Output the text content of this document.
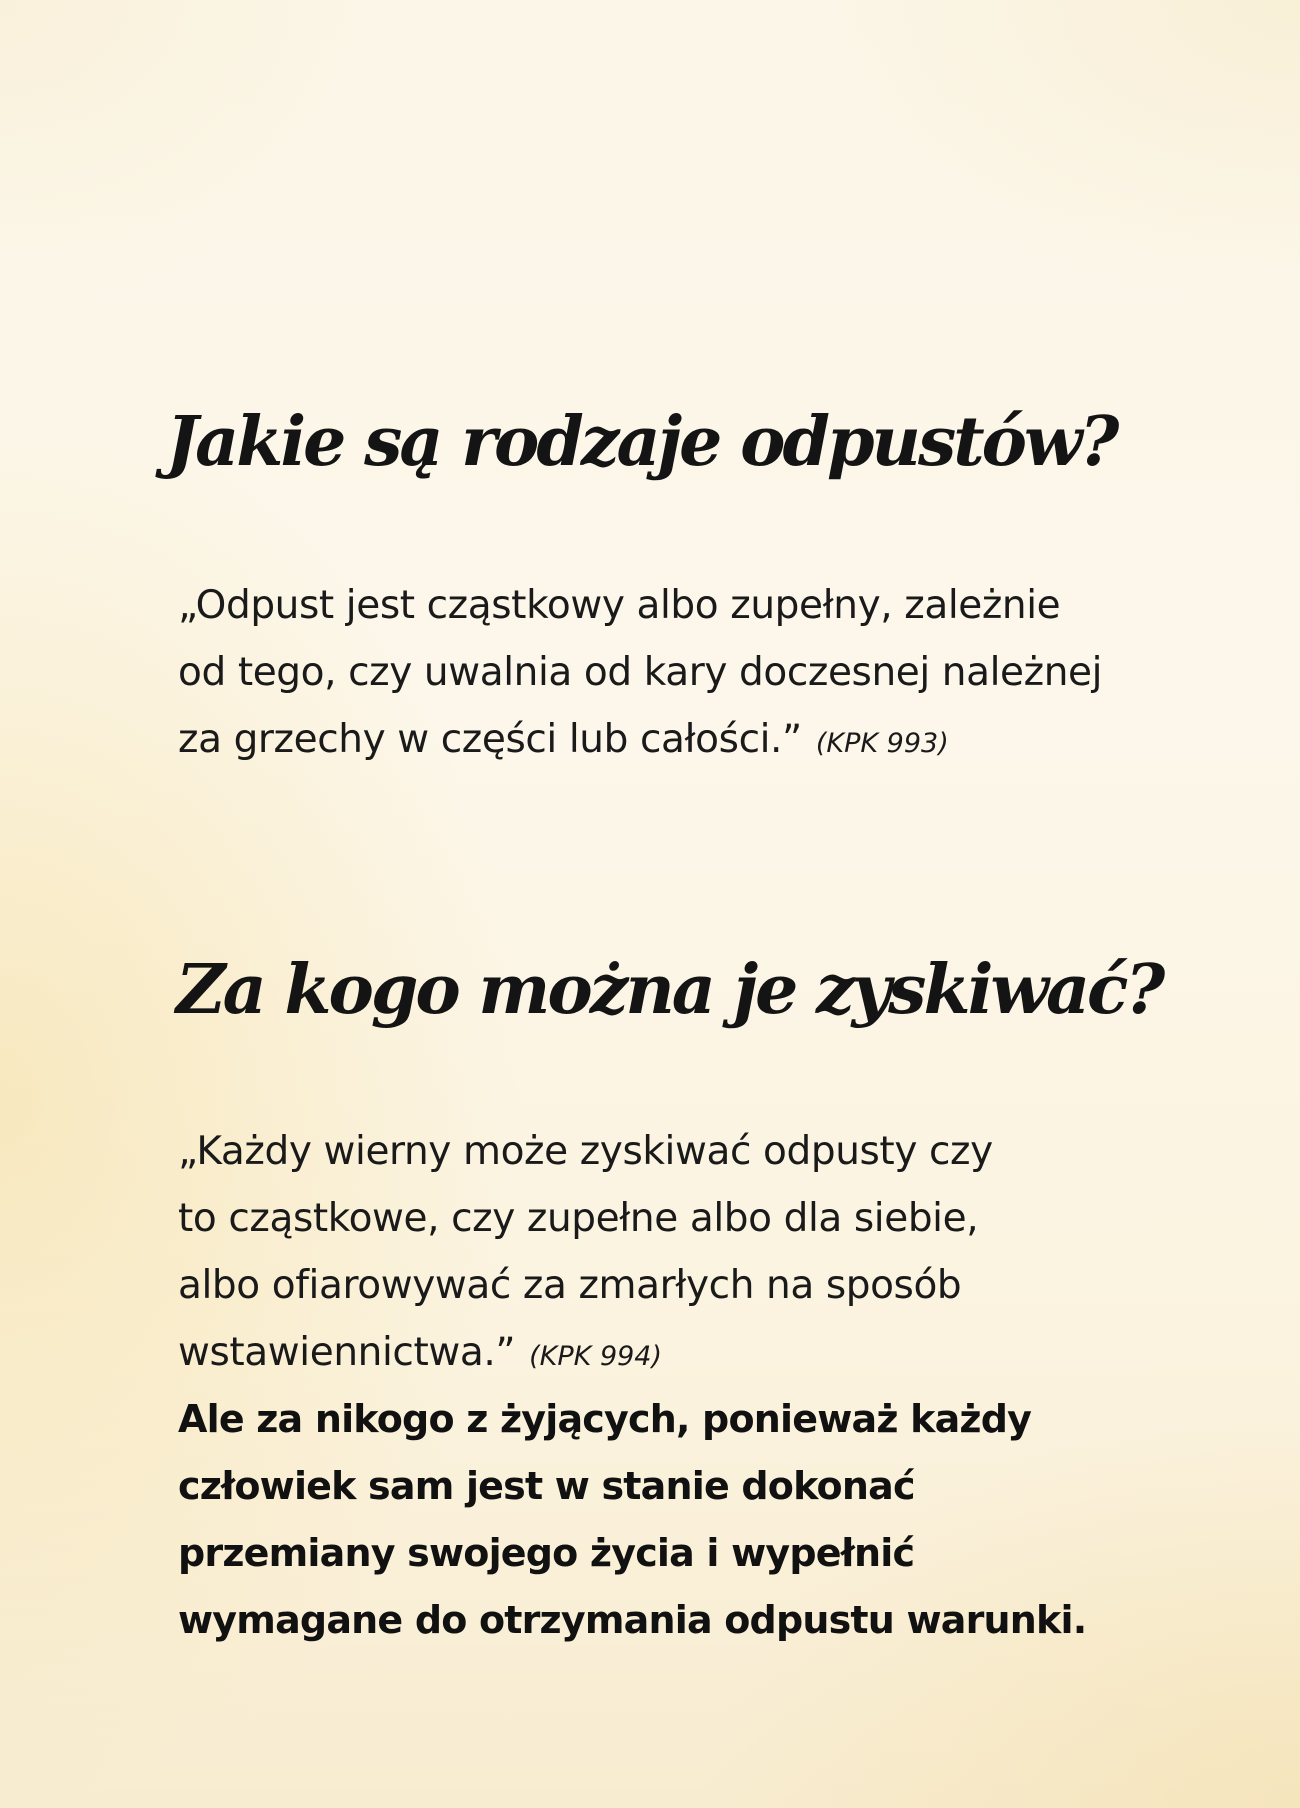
Jakie są rodzaje odpustów?

„Odpust jest cząstkowy albo zupełny, zależnie
od tego, czy uwalnia od kary doczesnej należnej
za grzechy w części lub całości.” (KPK 993)

Za kogo można je zyskiwać?

„Każdy wierny może zyskiwać odpusty czy
to cząstkowe, czy zupełne albo dla siebie,
albo ofiarowywać za zmarłych na sposób
wstawiennictwa.” (KPK 994)

Ale za nikogo z żyjących, ponieważ każdy
człowiek sam jest w stanie dokonać
przemiany swojego życia i wypełnić
wymagane do otrzymania odpustu warunki.
